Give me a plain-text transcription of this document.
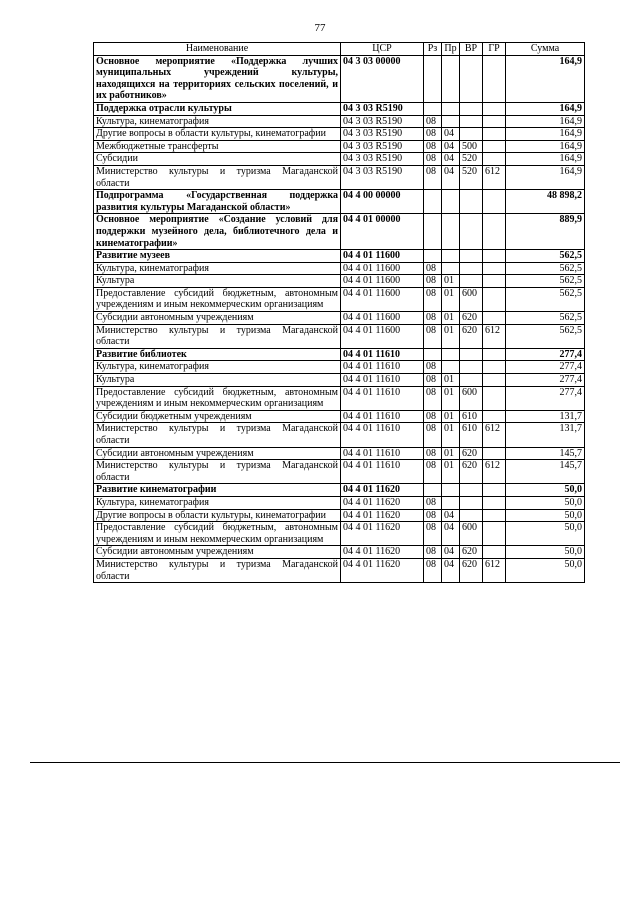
77
Наименование	ЦСР	Рз	Пр	ВР	ГР	Сумма
Основное мероприятие «Поддержка лучших муниципальных учреждений культуры, находящихся на территориях сельских поселений, и их работников»	04 3 03 00000					164,9
Поддержка отрасли культуры	04 3 03 R5190					164,9
Культура, кинематография	04 3 03 R5190	08				164,9
Другие вопросы в области культуры, кинематографии	04 3 03 R5190	08	04			164,9
Межбюджетные трансферты	04 3 03 R5190	08	04	500		164,9
Субсидии	04 3 03 R5190	08	04	520		164,9
Министерство культуры и туризма Магаданской области	04 3 03 R5190	08	04	520	612	164,9
Подпрограмма «Государственная поддержка развития культуры Магаданской области»	04 4 00 00000					48 898,2
Основное мероприятие «Создание условий для поддержки музейного дела, библиотечного дела и кинематографии»	04 4 01 00000					889,9
Развитие музеев	04 4 01 11600					562,5
Культура, кинематография	04 4 01 11600	08				562,5
Культура	04 4 01 11600	08	01			562,5
Предоставление субсидий бюджетным, автономным учреждениям и иным некоммерческим организациям	04 4 01 11600	08	01	600		562,5
Субсидии автономным учреждениям	04 4 01 11600	08	01	620		562,5
Министерство культуры и туризма Магаданской области	04 4 01 11600	08	01	620	612	562,5
Развитие библиотек	04 4 01 11610					277,4
Культура, кинематография	04 4 01 11610	08				277,4
Культура	04 4 01 11610	08	01			277,4
Предоставление субсидий бюджетным, автономным учреждениям и иным некоммерческим организациям	04 4 01 11610	08	01	600		277,4
Субсидии бюджетным учреждениям	04 4 01 11610	08	01	610		131,7
Министерство культуры и туризма Магаданской области	04 4 01 11610	08	01	610	612	131,7
Субсидии автономным учреждениям	04 4 01 11610	08	01	620		145,7
Министерство культуры и туризма Магаданской области	04 4 01 11610	08	01	620	612	145,7
Развитие кинематографии	04 4 01 11620					50,0
Культура, кинематография	04 4 01 11620	08				50,0
Другие вопросы в области культуры, кинематографии	04 4 01 11620	08	04			50,0
Предоставление субсидий бюджетным, автономным учреждениям и иным некоммерческим организациям	04 4 01 11620	08	04	600		50,0
Субсидии автономным учреждениям	04 4 01 11620	08	04	620		50,0
Министерство культуры и туризма Магаданской области	04 4 01 11620	08	04	620	612	50,0
